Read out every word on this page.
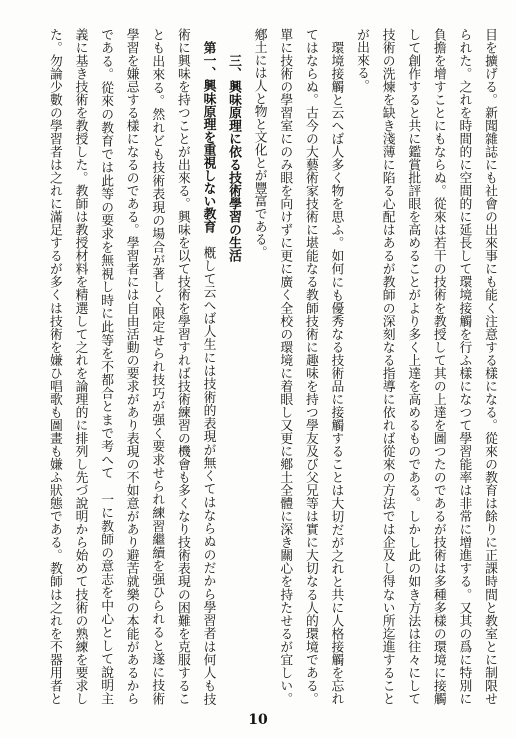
目を擴げる。新聞雜誌にも社會の出來事にも能く注意する樣になる。從來の教育は餘りに正課時間と教室とに制限せ
られた。之れを時間的に空間的に延長して環境接觸を行ふ樣になつて學習能率は非常に增進する。又其の爲に特別に
負擔を增すことにもならぬ。從來は若干の技術を教授して其の上達を圖つたのであるが技術は多種多樣の環境に接觸
して創作すると共に鑑賞批評眼を高めることがより多く上達を高めるものである。しかし此の如き方法は往々にして
技術の洗煉を缺き淺薄に陷る心配はあるが教師の深刻なる指導に依れば從來の方法では企及し得ない所迄進すること
が出來る。
環境接觸と云へば人多く物を思ふ。如何にも優秀なる技術品に接觸することは大切だが之れと共に人格接觸を忘れ
てはならぬ。古今の大藝術家技術に堪能なる教師技術に趣味を持つ學友及び父兄等は實に大切なる人的環境である。
單に技術の學習室にのみ眼を向けずに更に廣く全校の環境に着眼し又更に鄕土全體に深き關心を持たせるが宜しい。
鄕土には人と物と文化とが豐富である。
三、興味原理に依る技術學習の生活
第一、興味原理を重視しない教育
槪して云へば人生には技術的表現が無くてはならぬのだから學習者は何人も技
術に興味を持つことが出來る。興味を以て技術を學習すれば技術練習の機會も多くなり技術表現の困難を克服するこ
とも出來る。然れども技術表現の場合が著しく限定せられ技巧が强く要求せられ練習繼續を强ひられると遂に技術
學習を嫌忌する樣になるのである。學習者には自由活動の要求があり表現の不如意があり避苦就樂の本能があるから
である。從來の教育では此等の要求を無視し時に此等を不都合とまで考へて　一に教師の意志を中心として說明主
義に基き技術を教授した。教師は教授材料を精選して之れを論理的に排列し先づ說明から始めて技術の熟練を要求し
た。勿論少數の學習者は之れに滿足するが多くは技術を嫌ひ唱歌も圖畫も嫌ふ狀態である。教師は之れを不器用者と
10
